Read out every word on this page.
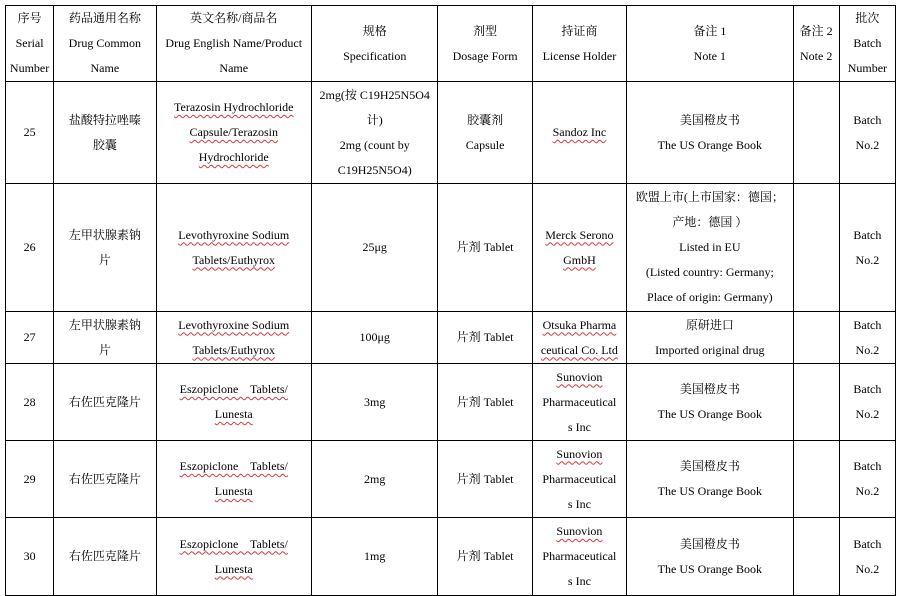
序号
Serial
Number	药品通用名称
Drug Common
Name	英文名称/商品名
Drug English Name/Product
Name	规格
Specification	剂型
Dosage Form	持证商
License Holder	备注 1
Note 1	备注 2
Note 2	批次
Batch
Number

25	盐酸特拉唑嗪
胶囊	Terazosin Hydrochloride
Capsule/Terazosin
Hydrochloride	2mg(按 C19H25N5O4
计)
2mg (count by
C19H25N5O4)	胶囊剂
Capsule	Sandoz Inc	美国橙皮书
The US Orange Book		Batch
No.2

26	左甲状腺素钠
片	Levothyroxine Sodium
Tablets/Euthyrox	25μg	片剂 Tablet	Merck Serono
GmbH	欧盟上市(上市国家：德国；
产地：德国 ）
Listed in EU
(Listed country: Germany;
Place of origin: Germany)		Batch
No.2

27	左甲状腺素钠
片	Levothyroxine Sodium
Tablets/Euthyrox	100μg	片剂 Tablet	Otsuka Pharma
ceutical Co. Ltd	原研进口
Imported original drug		Batch
No.2

28	右佐匹克隆片	Eszopiclone    Tablets/
Lunesta	3mg	片剂 Tablet	Sunovion
Pharmaceutical
s Inc	美国橙皮书
The US Orange Book		Batch
No.2

29	右佐匹克隆片	Eszopiclone    Tablets/
Lunesta	2mg	片剂 Tablet	Sunovion
Pharmaceutical
s Inc	美国橙皮书
The US Orange Book		Batch
No.2

30	右佐匹克隆片	Eszopiclone    Tablets/
Lunesta	1mg	片剂 Tablet	Sunovion
Pharmaceutical
s Inc	美国橙皮书
The US Orange Book		Batch
No.2
